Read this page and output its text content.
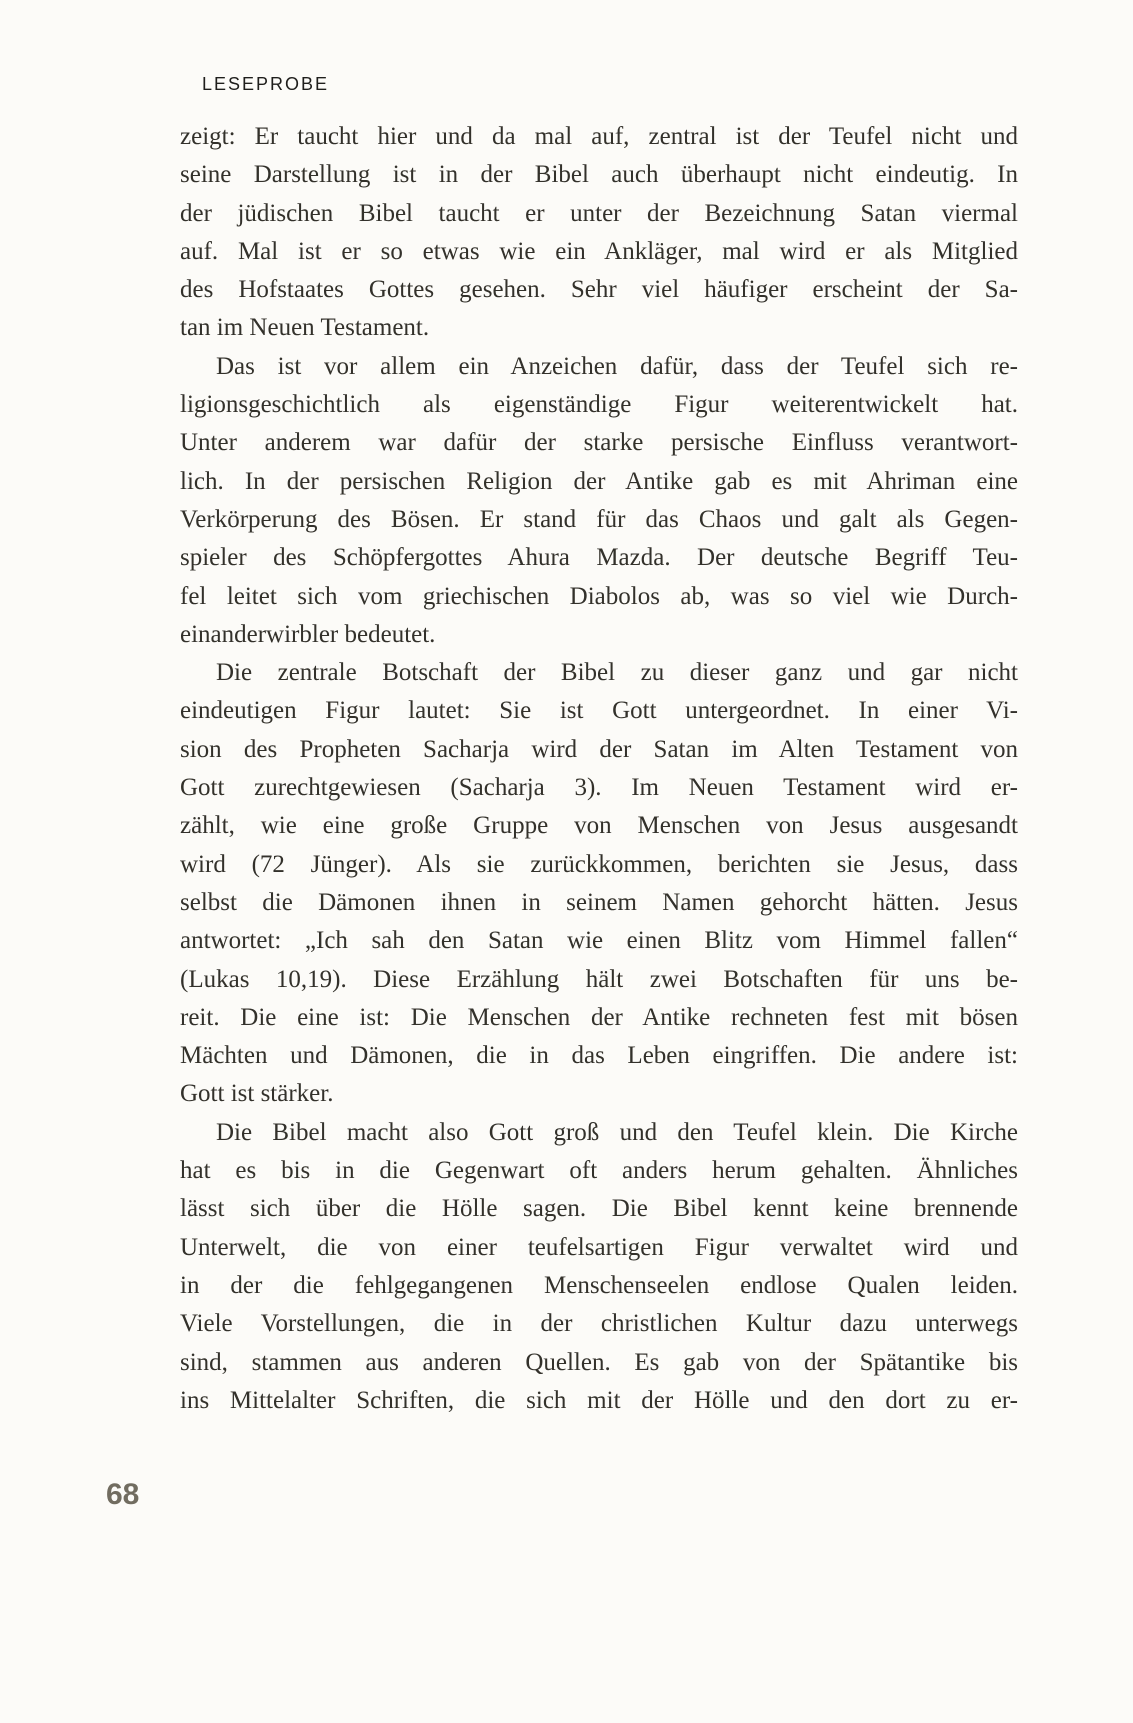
LESEPROBE
zeigt: Er taucht hier und da mal auf, zentral ist der Teufel nicht und
seine Darstellung ist in der Bibel auch überhaupt nicht eindeutig. In
der jüdischen Bibel taucht er unter der Bezeichnung Satan viermal
auf. Mal ist er so etwas wie ein Ankläger, mal wird er als Mitglied
des Hofstaates Gottes gesehen. Sehr viel häufiger erscheint der Sa-
tan im Neuen Testament.
Das ist vor allem ein Anzeichen dafür, dass der Teufel sich re-
ligionsgeschichtlich als eigenständige Figur weiterentwickelt hat.
Unter anderem war dafür der starke persische Einfluss verantwort-
lich. In der persischen Religion der Antike gab es mit Ahriman eine
Verkörperung des Bösen. Er stand für das Chaos und galt als Gegen-
spieler des Schöpfergottes Ahura Mazda. Der deutsche Begriff Teu-
fel leitet sich vom griechischen Diabolos ab, was so viel wie Durch-
einanderwirbler bedeutet.
Die zentrale Botschaft der Bibel zu dieser ganz und gar nicht
eindeutigen Figur lautet: Sie ist Gott untergeordnet. In einer Vi-
sion des Propheten Sacharja wird der Satan im Alten Testament von
Gott zurechtgewiesen (Sacharja 3). Im Neuen Testament wird er-
zählt, wie eine große Gruppe von Menschen von Jesus ausgesandt
wird (72 Jünger). Als sie zurückkommen, berichten sie Jesus, dass
selbst die Dämonen ihnen in seinem Namen gehorcht hätten. Jesus
antwortet: „Ich sah den Satan wie einen Blitz vom Himmel fallen“
(Lukas 10,19). Diese Erzählung hält zwei Botschaften für uns be-
reit. Die eine ist: Die Menschen der Antike rechneten fest mit bösen
Mächten und Dämonen, die in das Leben eingriffen. Die andere ist:
Gott ist stärker.
Die Bibel macht also Gott groß und den Teufel klein. Die Kirche
hat es bis in die Gegenwart oft anders herum gehalten. Ähnliches
lässt sich über die Hölle sagen. Die Bibel kennt keine brennende
Unterwelt, die von einer teufelsartigen Figur verwaltet wird und
in der die fehlgegangenen Menschenseelen endlose Qualen leiden.
Viele Vorstellungen, die in der christlichen Kultur dazu unterwegs
sind, stammen aus anderen Quellen. Es gab von der Spätantike bis
ins Mittelalter Schriften, die sich mit der Hölle und den dort zu er-
68
